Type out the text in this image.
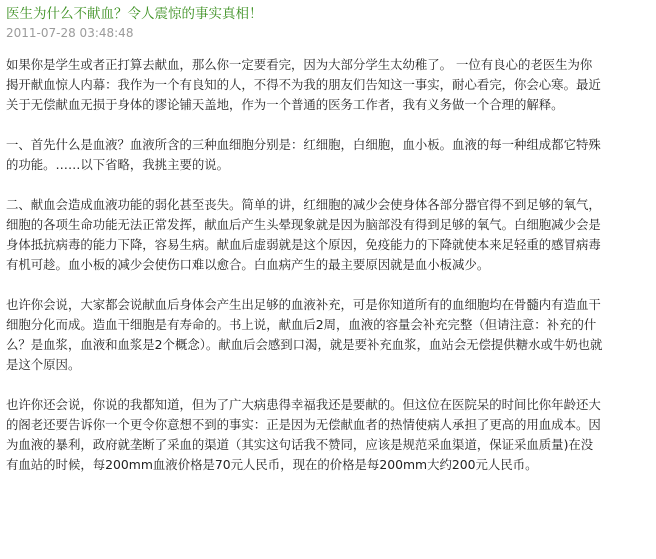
医生为什么不献血？令人震惊的事实真相！
2011-07-28 03:48:48

如果你是学生或者正打算去献血，那么你一定要看完，因为大部分学生太幼稚了。 一位有良心的老医生为你揭开献血惊人内幕：我作为一个有良知的人，不得不为我的朋友们告知这一事实，耐心看完，你会心寒。最近关于无偿献血无损于身体的谬论铺天盖地，作为一个普通的医务工作者，我有义务做一个合理的解释。

一、首先什么是血液？血液所含的三种血细胞分别是：红细胞，白细胞，血小板。血液的每一种组成都它特殊的功能。……以下省略，我挑主要的说。

二、献血会造成血液功能的弱化甚至丧失。简单的讲，红细胞的减少会使身体各部分器官得不到足够的氧气，细胞的各项生命功能无法正常发挥，献血后产生头晕现象就是因为脑部没有得到足够的氧气。白细胞减少会是身体抵抗病毒的能力下降，容易生病。献血后虚弱就是这个原因，免疫能力的下降就使本来足轻重的感冒病毒有机可趁。血小板的减少会使伤口难以愈合。白血病产生的最主要原因就是血小板减少。

也许你会说，大家都会说献血后身体会产生出足够的血液补充，可是你知道所有的血细胞均在骨髓内有造血干细胞分化而成。造血干细胞是有寿命的。书上说，献血后2周，血液的容量会补充完整（但请注意：补充的什么？是血浆，血液和血浆是2个概念）。献血后会感到口渴，就是要补充血浆，血站会无偿提供糖水或牛奶也就是这个原因。

也许你还会说，你说的我都知道，但为了广大病患得幸福我还是要献的。但这位在医院呆的时间比你年龄还大的阁老还要告诉你一个更令你意想不到的事实：正是因为无偿献血者的热情使病人承担了更高的用血成本。因为血液的暴利，政府就垄断了采血的渠道（其实这句话我不赞同，应该是规范采血渠道，保证采血质量)在没有血站的时候，每200mm血液价格是70元人民币，现在的价格是每200mm大约200元人民币。
